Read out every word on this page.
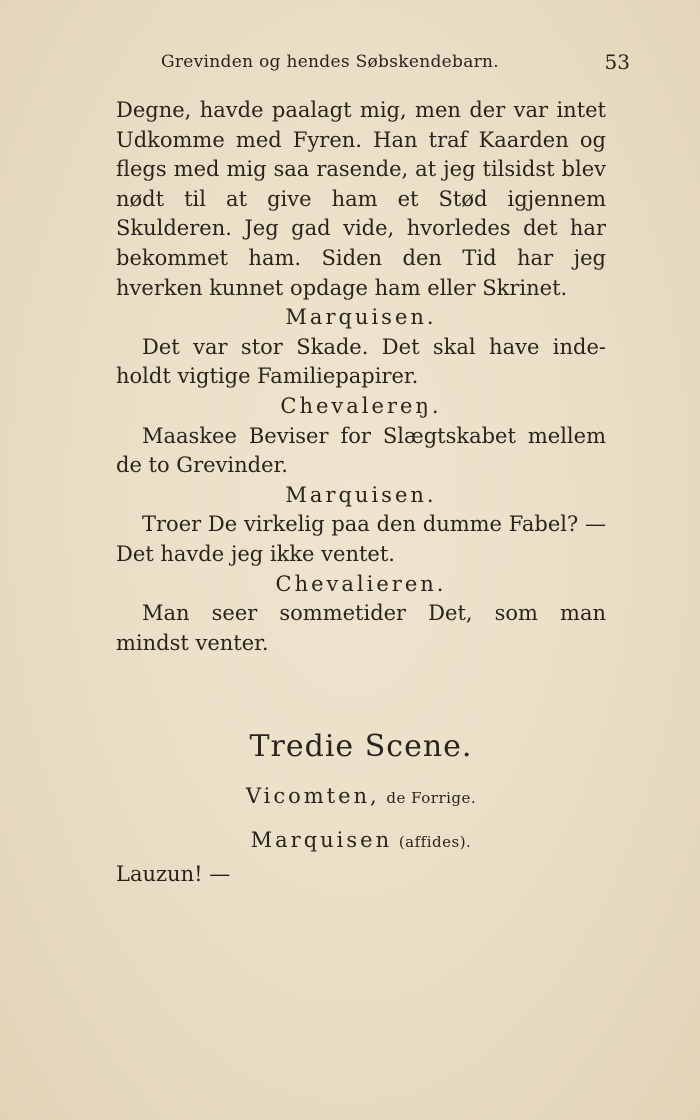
Grevinden og hendes Søbskendebarn.	53

Degne, havde paalagt mig, men der var intet Udkomme med Fyren. Han traf Kaarden og flegs med mig saa rasende, at jeg tilsidst blev nødt til at give ham et Stød igjennem Skulderen. Jeg gad vide, hvorledes det har bekommet ham. Siden den Tid har jeg hverken kunnet opdage ham eller Skrinet.

Marquisen.

Det var stor Skade. Det skal have inde-holdt vigtige Familiepapirer.

Chevalereŋ.

Maaskee Beviser for Slægtskabet mellem de to Grevinder.

Marquisen.

Troer De virkelig paa den dumme Fabel? — Det havde jeg ikke ventet.

Chevalieren.

Man seer sommetider Det, som man mindst venter.

Tredie Scene.

Vicomten, de Forrige.

Marquisen (affides).

Lauzun! —
